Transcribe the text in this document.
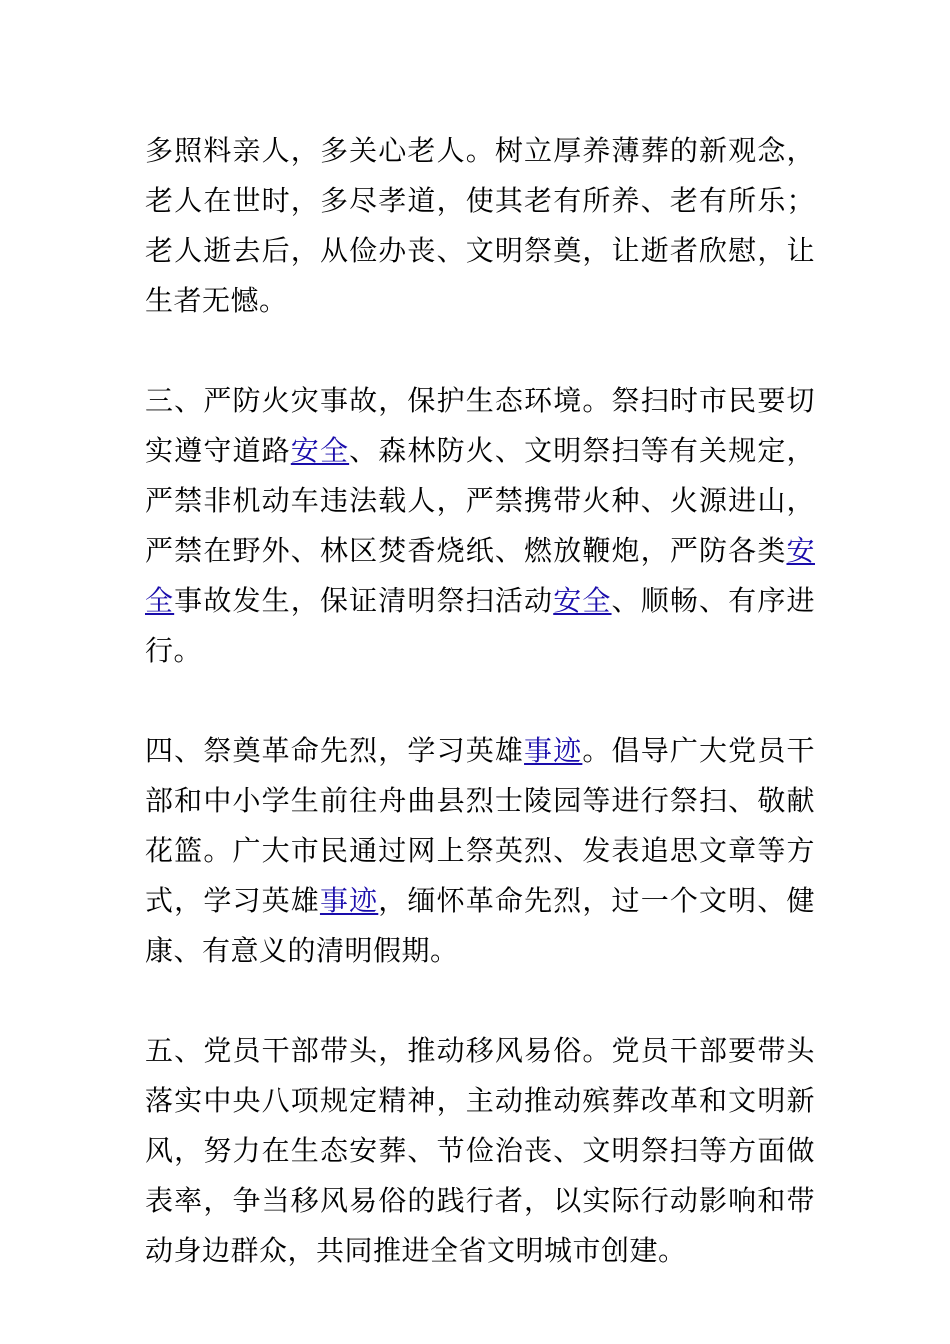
多照料亲人，多关心老人。树立厚养薄葬的新观念，老人在世时，多尽孝道，使其老有所养、老有所乐；老人逝去后，从俭办丧、文明祭奠，让逝者欣慰，让生者无憾。

三、严防火灾事故，保护生态环境。祭扫时市民要切实遵守道路安全、森林防火、文明祭扫等有关规定，严禁非机动车违法载人，严禁携带火种、火源进山，严禁在野外、林区焚香烧纸、燃放鞭炮，严防各类安全事故发生，保证清明祭扫活动安全、顺畅、有序进行。

四、祭奠革命先烈，学习英雄事迹。倡导广大党员干部和中小学生前往舟曲县烈士陵园等进行祭扫、敬献花篮。广大市民通过网上祭英烈、发表追思文章等方式，学习英雄事迹，缅怀革命先烈，过一个文明、健康、有意义的清明假期。

五、党员干部带头，推动移风易俗。党员干部要带头落实中央八项规定精神，主动推动殡葬改革和文明新风，努力在生态安葬、节俭治丧、文明祭扫等方面做表率，争当移风易俗的践行者，以实际行动影响和带动身边群众，共同推进全省文明城市创建。
